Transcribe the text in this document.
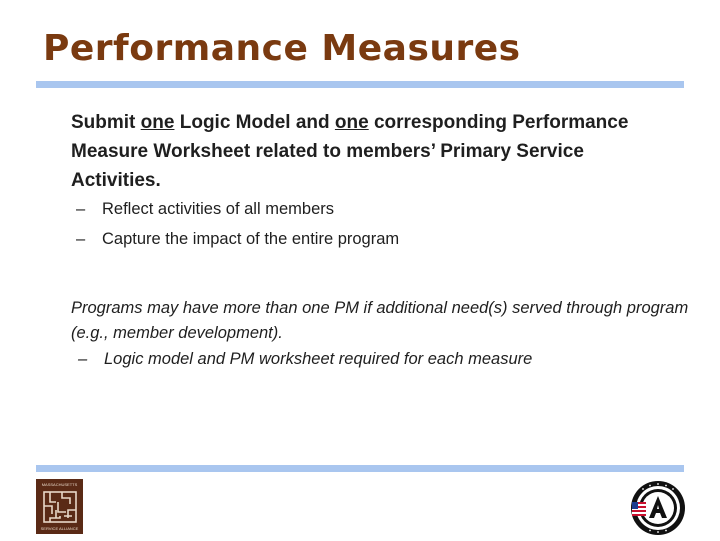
Performance Measures
Submit one Logic Model and one corresponding Performance Measure Worksheet related to members’ Primary Service Activities.
– Reflect activities of all members
– Capture the impact of the entire program
Programs may have more than one PM if additional need(s) served through program (e.g., member development).
– Logic model and PM worksheet required for each measure
MASSACHUSETTS
SERVICE ALLIANCE
